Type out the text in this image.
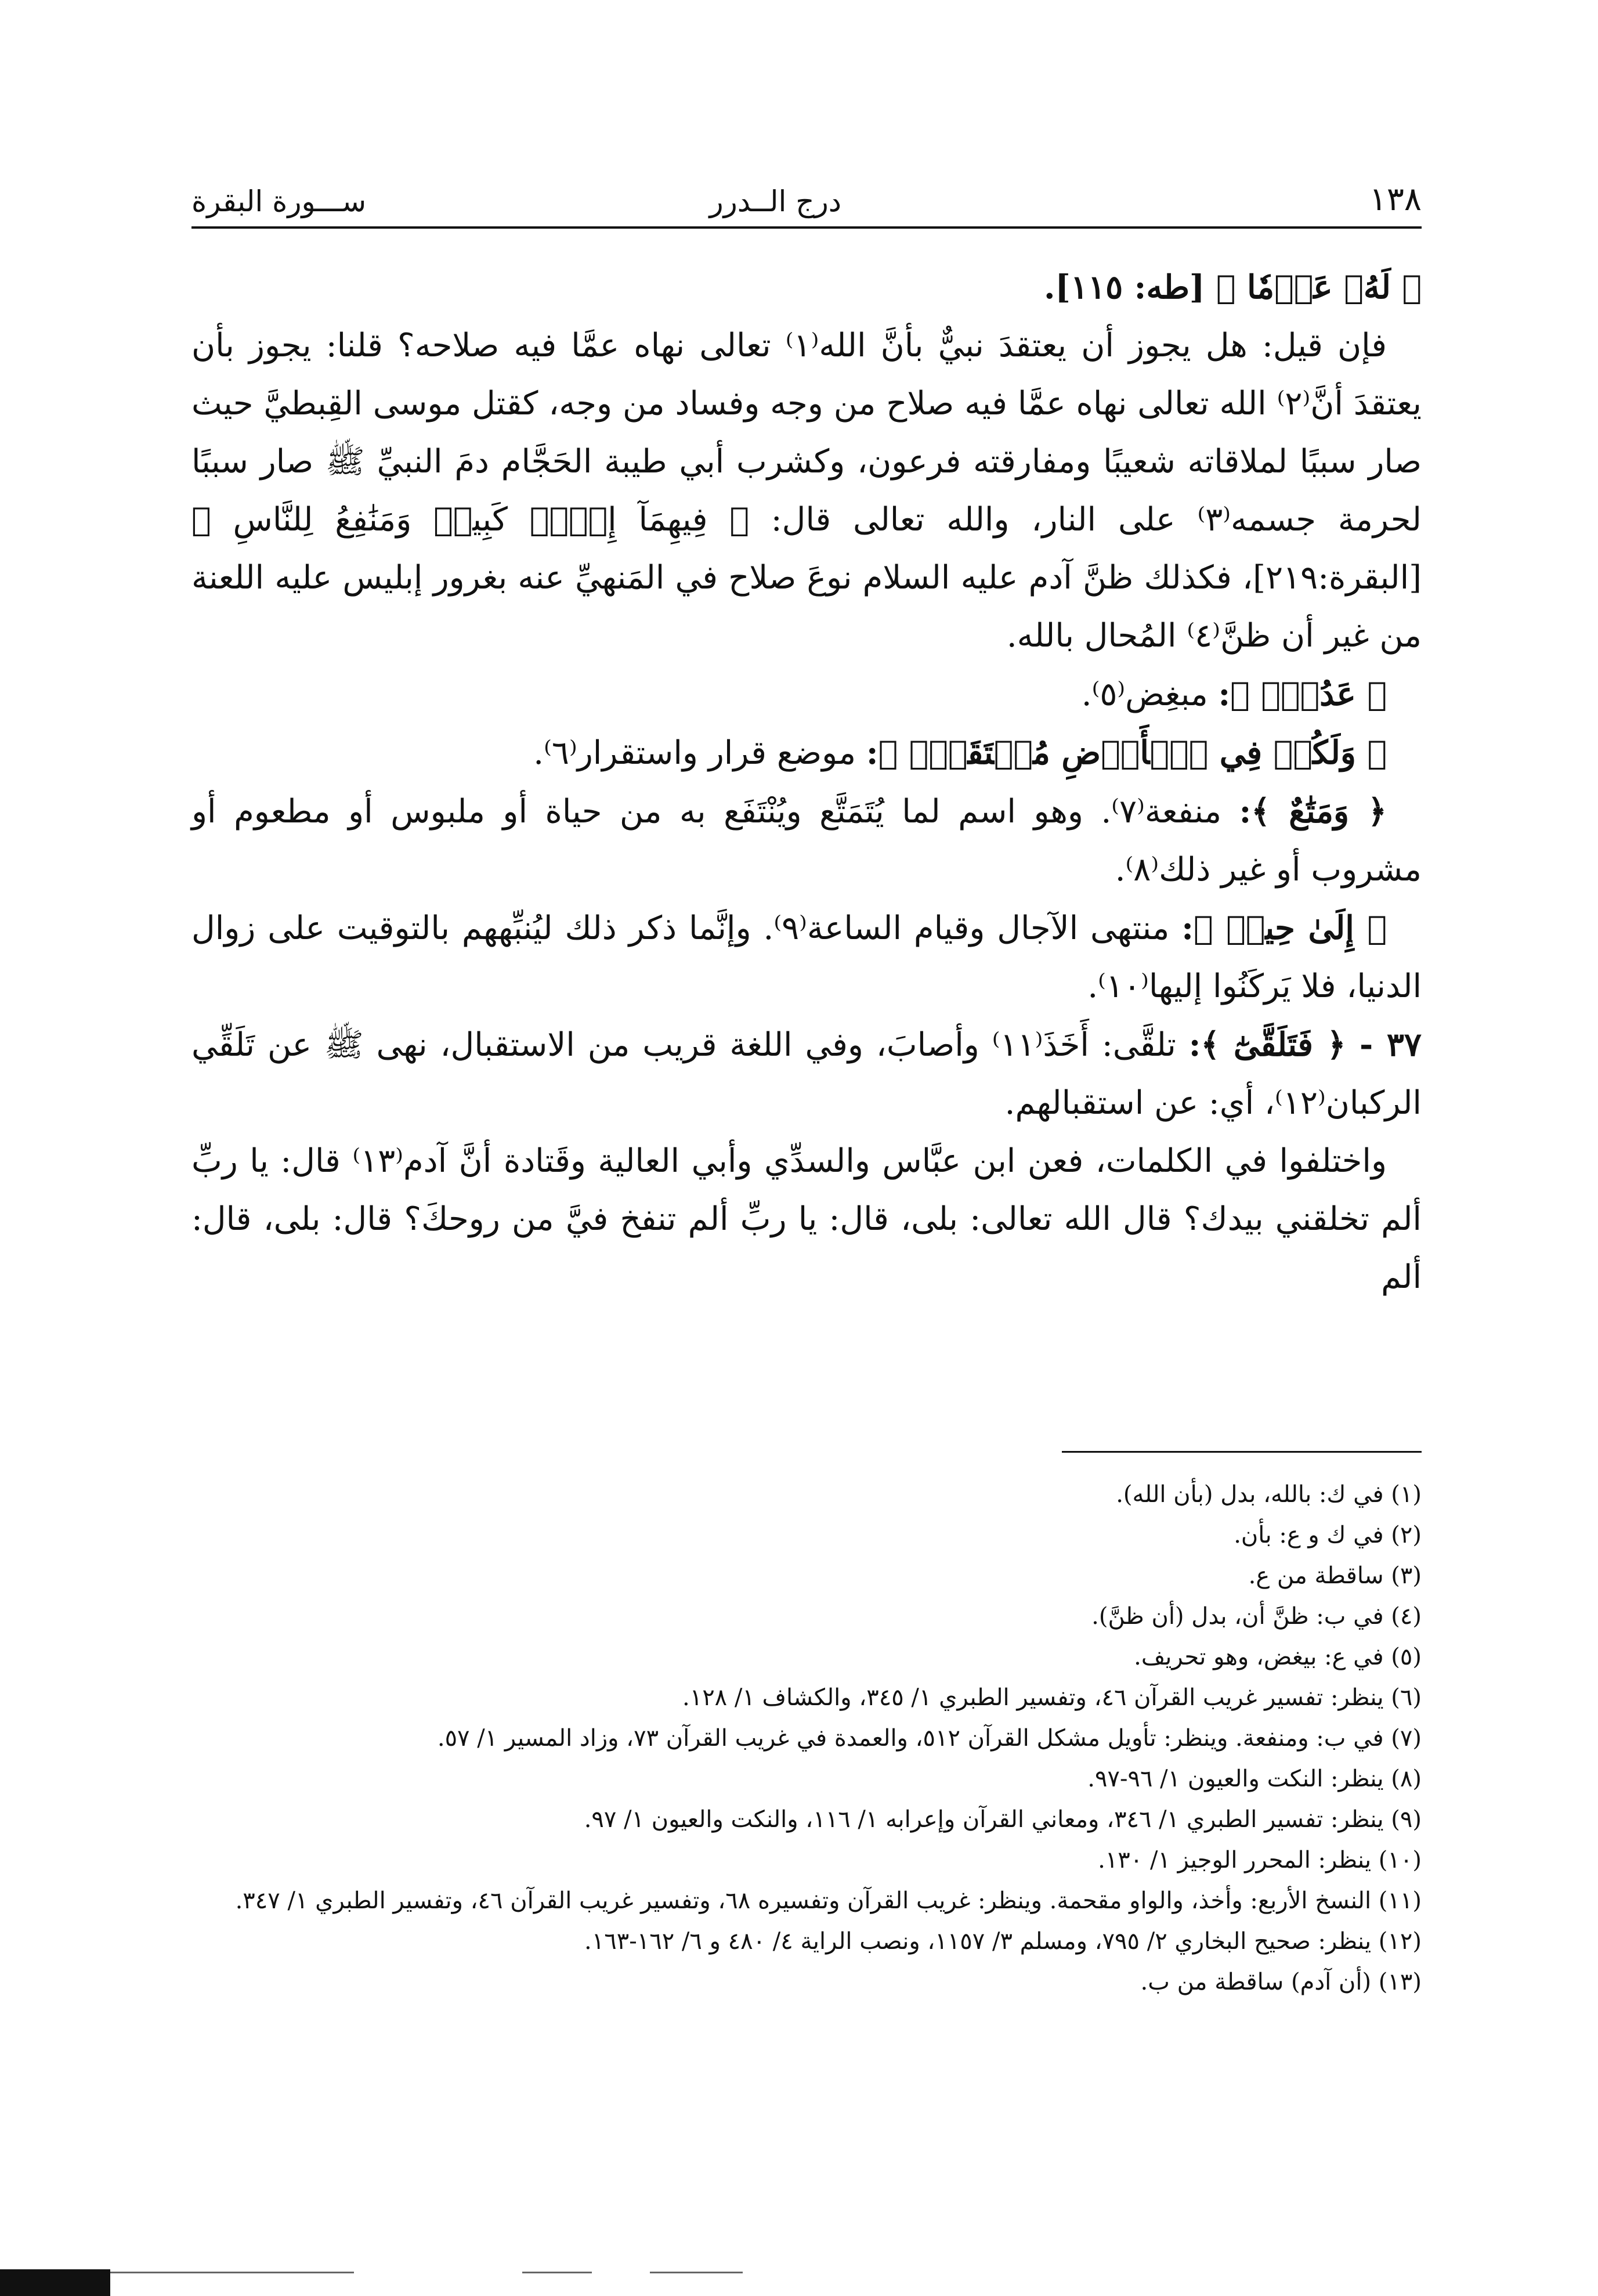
١٣٨
درج الــدرر
ســـورة البقرة

﴿ لَهُۥ عَزۡمٗا ﴾ [طه: ١١٥].

فإن قيل: هل يجوز أن يعتقدَ نبيٌّ بأنَّ الله⁽١⁾ تعالى نهاه عمَّا فيه صلاحه؟ قلنا: يجوز بأن يعتقدَ أنَّ⁽٢⁾ الله تعالى نهاه عمَّا فيه صلاح من وجه وفساد من وجه، كقتل موسى القِبطيَّ حيث صار سببًا لملاقاته شعيبًا ومفارقته فرعون، وكشرب أبي طيبة الحَجَّام دمَ النبيِّ ﷺ صار سببًا لحرمة جسمه⁽٣⁾ على النار، والله تعالى قال: ﴿ فِيهِمَآ إِثۡمٞ كَبِيرٞ وَمَنَٰفِعُ لِلنَّاسِ ﴾ [البقرة:٢١٩]، فكذلك ظنَّ آدم عليه السلام نوعَ صلاح في المَنهيِّ عنه بغرور إبليس عليه اللعنة من غير أن ظنَّ⁽٤⁾ المُحال بالله.

﴿ عَدُوّٞ ﴾: مبغِض⁽٥⁾.

﴿ وَلَكُمۡ فِي ٱلۡأَرۡضِ مُسۡتَقَرّٞ ﴾: موضع قرار واستقرار⁽٦⁾.

﴿ وَمَتَٰعٌ ﴾: منفعة⁽٧⁾. وهو اسم لما يُتَمَتَّع ويُنْتَفَع به من حياة أو ملبوس أو مطعوم أو مشروب أو غير ذلك⁽٨⁾.

﴿ إِلَىٰ حِينٖ ﴾: منتهى الآجال وقيام الساعة⁽٩⁾. وإنَّما ذكر ذلك ليُنبِّههم بالتوقيت على زوال الدنيا، فلا يَركَنُوا إليها⁽١٠⁾.

٣٧ - ﴿ فَتَلَقَّىٰٓ ﴾: تلقَّى: أَخَذَ⁽١١⁾ وأصابَ، وفي اللغة قريب من الاستقبال، نهى ﷺ عن تَلَقِّي الركبان⁽١٢⁾، أي: عن استقبالهم.

واختلفوا في الكلمات، فعن ابن عبَّاس والسدِّي وأبي العالية وقَتادة أنَّ آدم⁽١٣⁾ قال: يا ربِّ ألم تخلقني بيدك؟ قال الله تعالى: بلى، قال: يا ربِّ ألم تنفخ فيَّ من روحكَ؟ قال: بلى، قال: ألم

(١) في ك: بالله، بدل (بأن الله).

(٢) في ك و ع: بأن.

(٣) ساقطة من ع.

(٤) في ب: ظنَّ أن، بدل (أن ظنَّ).

(٥) في ع: بيغض، وهو تحريف.

(٦) ينظر: تفسير غريب القرآن ٤٦، وتفسير الطبري ١/ ٣٤٥، والكشاف ١/ ١٢٨.

(٧) في ب: ومنفعة. وينظر: تأويل مشكل القرآن ٥١٢، والعمدة في غريب القرآن ٧٣، وزاد المسير ١/ ٥٧.

(٨) ينظر: النكت والعيون ١/ ٩٦-٩٧.

(٩) ينظر: تفسير الطبري ١/ ٣٤٦، ومعاني القرآن وإعرابه ١/ ١١٦، والنكت والعيون ١/ ٩٧.

(١٠) ينظر: المحرر الوجيز ١/ ١٣٠.

(١١) النسخ الأربع: وأخذ، والواو مقحمة. وينظر: غريب القرآن وتفسيره ٦٨، وتفسير غريب القرآن ٤٦، وتفسير الطبري ١/ ٣٤٧.

(١٢) ينظر: صحيح البخاري ٢/ ٧٩٥، ومسلم ٣/ ١١٥٧، ونصب الراية ٤/ ٤٨٠ و ٦/ ١٦٢-١٦٣.

(١٣) (أن آدم) ساقطة من ب.
